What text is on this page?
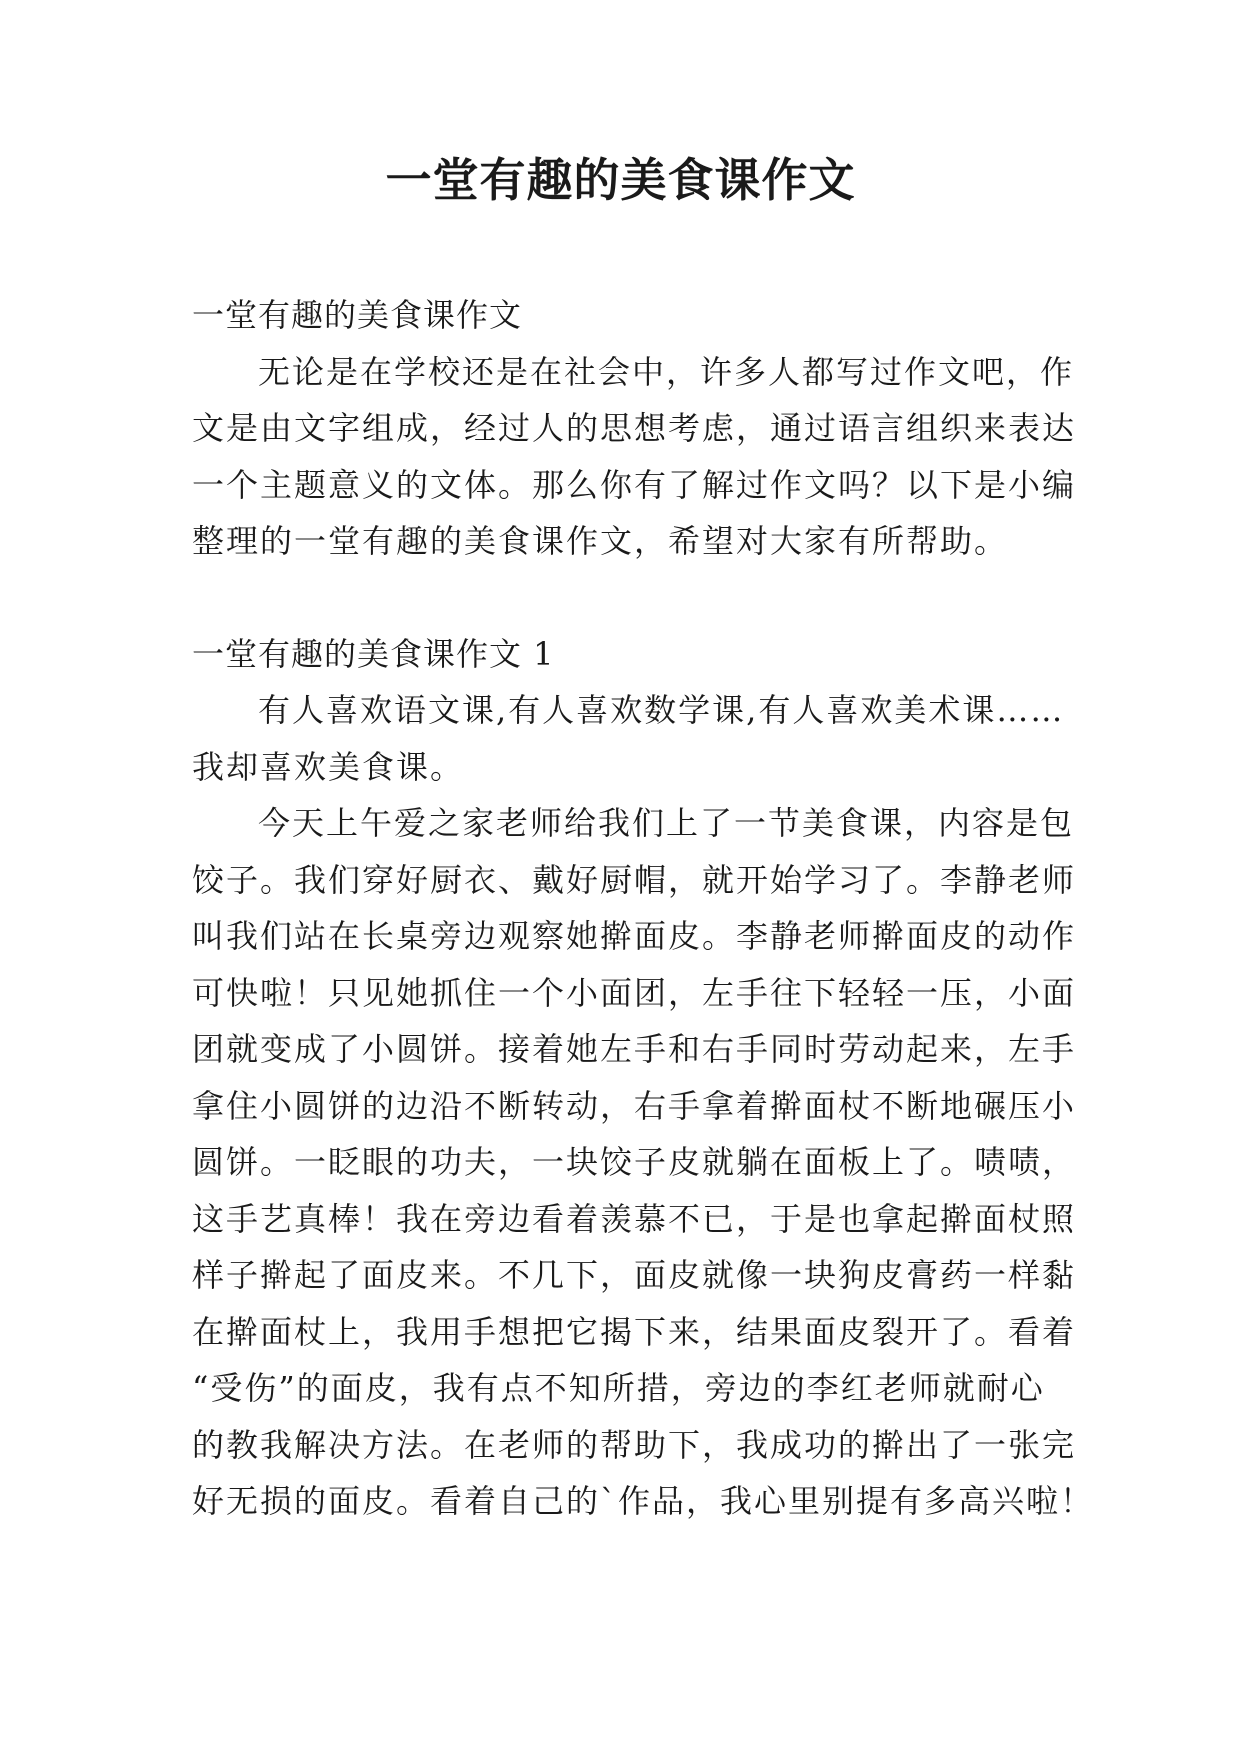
一堂有趣的美食课作文

一堂有趣的美食课作文

无论是在学校还是在社会中，许多人都写过作文吧，作

文是由文字组成，经过人的思想考虑，通过语言组织来表达

一个主题意义的文体。那么你有了解过作文吗？以下是小编

整理的一堂有趣的美食课作文，希望对大家有所帮助。

一堂有趣的美食课作文 1

有人喜欢语文课,有人喜欢数学课,有人喜欢美术课……

我却喜欢美食课。

今天上午爱之家老师给我们上了一节美食课，内容是包

饺子。我们穿好厨衣、戴好厨帽，就开始学习了。李静老师

叫我们站在长桌旁边观察她擀面皮。李静老师擀面皮的动作

可快啦！只见她抓住一个小面团，左手往下轻轻一压，小面

团就变成了小圆饼。接着她左手和右手同时劳动起来，左手

拿住小圆饼的边沿不断转动，右手拿着擀面杖不断地碾压小

圆饼。一眨眼的功夫，一块饺子皮就躺在面板上了。啧啧，

这手艺真棒！我在旁边看着羡慕不已，于是也拿起擀面杖照

样子擀起了面皮来。不几下，面皮就像一块狗皮膏药一样黏

在擀面杖上，我用手想把它揭下来，结果面皮裂开了。看着

“受伤”的面皮，我有点不知所措，旁边的李红老师就耐心

的教我解决方法。在老师的帮助下，我成功的擀出了一张完

好无损的面皮。看着自己的`作品，我心里别提有多高兴啦！
